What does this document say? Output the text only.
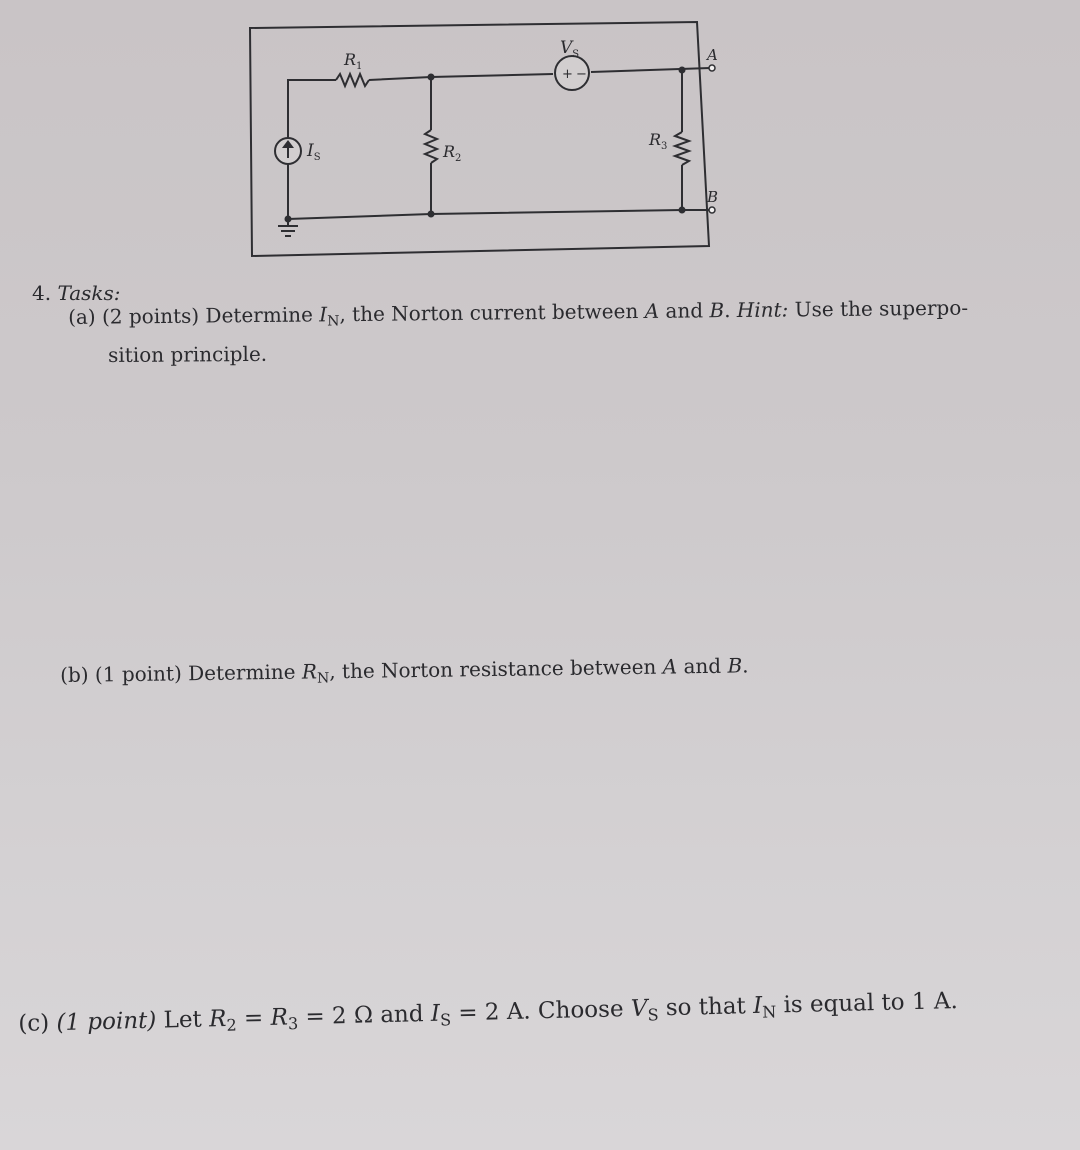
+ −
$R_1$
$R_2$
$R_3$
$V_S$
$I_S$
A
B
4. Tasks:
(a) (2 points) Determine $I_N$, the Norton current between A and B. Hint: Use the superpo-
sition principle.
(b) (1 point) Determine $R_N$, the Norton resistance between A and B.
(c) (1 point) Let $R_2 = R_3 = 2$ Ω and $I_S = 2$ A. Choose $V_S$ so that $I_N$ is equal to 1 A.
